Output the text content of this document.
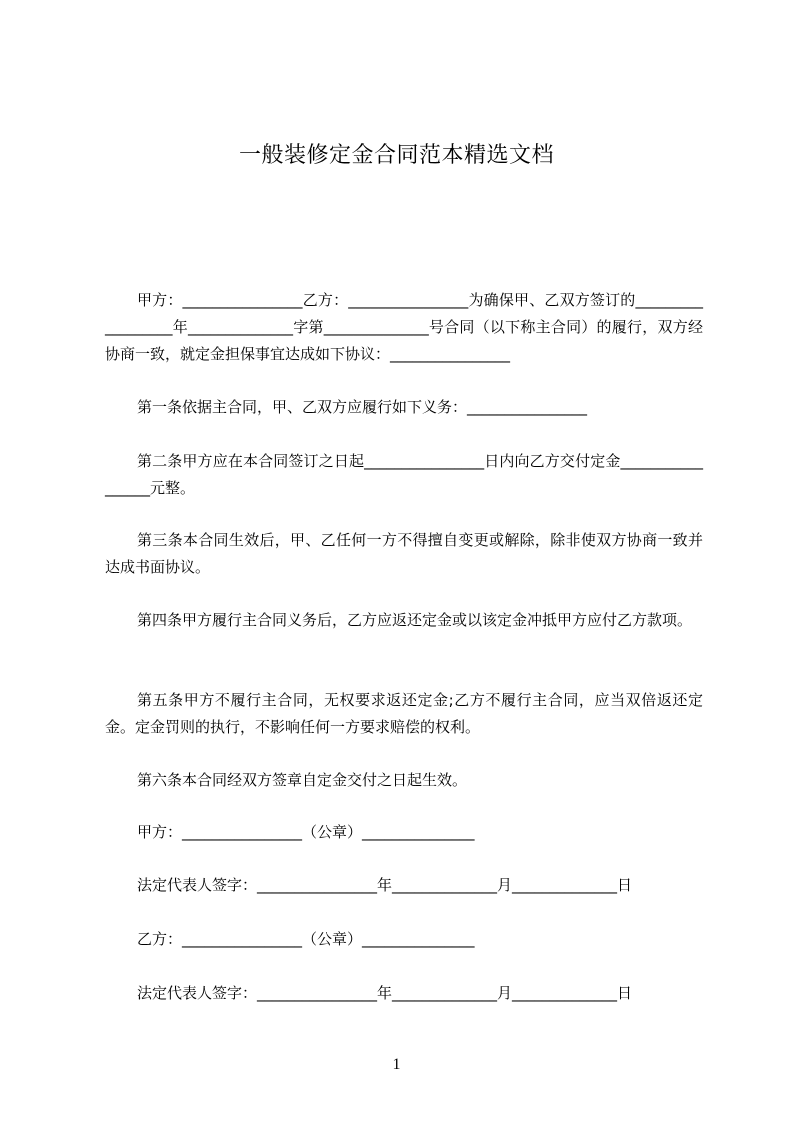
一般装修定金合同范本精选文档
甲方：________________乙方：________________为确保甲、乙双方签订的__________________年______________字第______________号合同（以下称主合同）的履行，双方经协商一致，就定金担保事宜达成如下协议：________________
第一条依据主合同，甲、乙双方应履行如下义务：________________
第二条甲方应在本合同签订之日起________________日内向乙方交付定金_________________元整。
第三条本合同生效后，甲、乙任何一方不得擅自变更或解除，除非使双方协商一致并达成书面协议。
第四条甲方履行主合同义务后，乙方应返还定金或以该定金冲抵甲方应付乙方款项。
第五条甲方不履行主合同，无权要求返还定金;乙方不履行主合同，应当双倍返还定金。定金罚则的执行，不影响任何一方要求赔偿的权利。
第六条本合同经双方签章自定金交付之日起生效。
甲方：________________（公章）_______________
法定代表人签字：________________年______________月______________日
乙方：________________（公章）_______________
法定代表人签字：________________年______________月______________日
1
